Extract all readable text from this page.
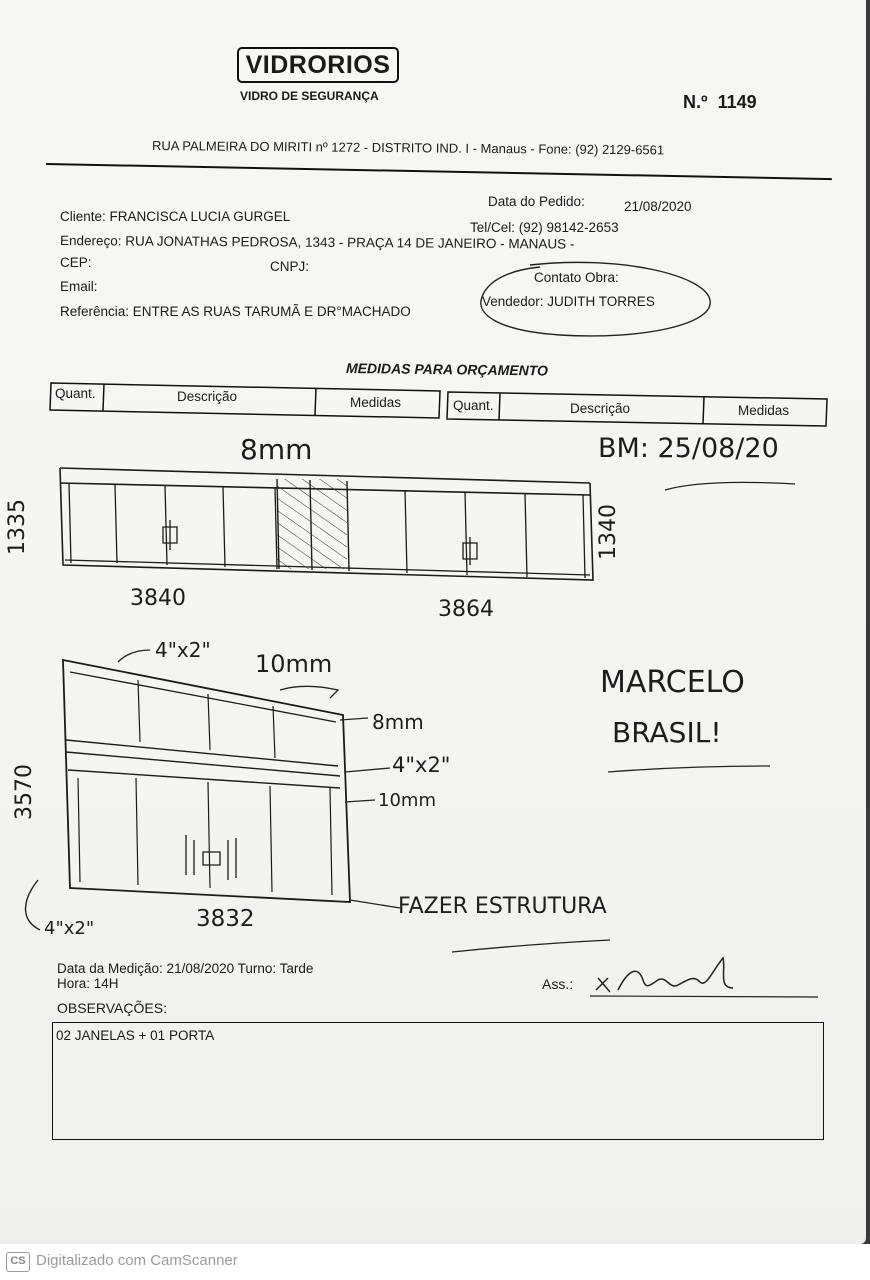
VIDRORIOS
VIDRO DE SEGURANÇA	N.º 1149
RUA PALMEIRA DO MIRITI nº 1272 - DISTRITO IND. I - Manaus - Fone: (92) 2129-6561
Data do Pedido:	21/08/2020
Cliente: FRANCISCA LUCIA GURGEL
Tel/Cel: (92) 98142-2653
Endereço: RUA JONATHAS PEDROSA, 1343 - PRAÇA 14 DE JANEIRO - MANAUS -
CEP:	CNPJ:
Email:
Contato Obra:
Vendedor: JUDITH TORRES
Referência: ENTRE AS RUAS TARUMÃ E DR°MACHADO
MEDIDAS PARA ORÇAMENTO
Quant.	Descrição	Medidas	Quant.	Descrição	Medidas
8mm	BM: 25/08/20
1335	1340
3840	3864
4"x2" 10mm
8mm
4"x2"
10mm
3570
3832
4"x2"
FAZER ESTRUTURA
MARCELO
BRASIL!
Data da Medição: 21/08/2020 Turno: Tarde
Hora: 14H	Ass.:
OBSERVAÇÕES:
02 JANELAS + 01 PORTA
CS Digitalizado com CamScanner
